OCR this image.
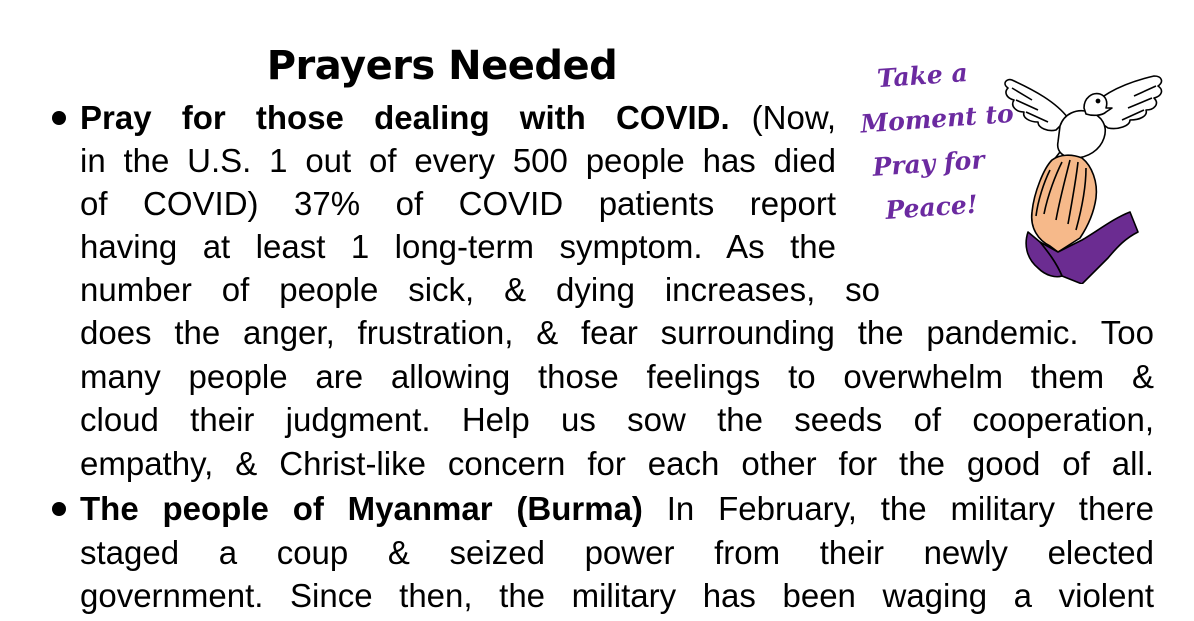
Prayers Needed
Pray for those dealing with COVID. (Now,
in the U.S. 1 out of every 500 people has died
of COVID) 37% of COVID patients report
having at least 1 long-term symptom. As the
number of people sick, & dying increases, so
does the anger, frustration, & fear surrounding the pandemic. Too
many people are allowing those feelings to overwhelm them &
cloud their judgment. Help us sow the seeds of cooperation,
empathy, & Christ-like concern for each other for the good of all.
The people of Myanmar (Burma) In February, the military there
staged a coup & seized power from their newly elected
government. Since then, the military has been waging a violent
Take a
Moment to
Pray for
Peace!
